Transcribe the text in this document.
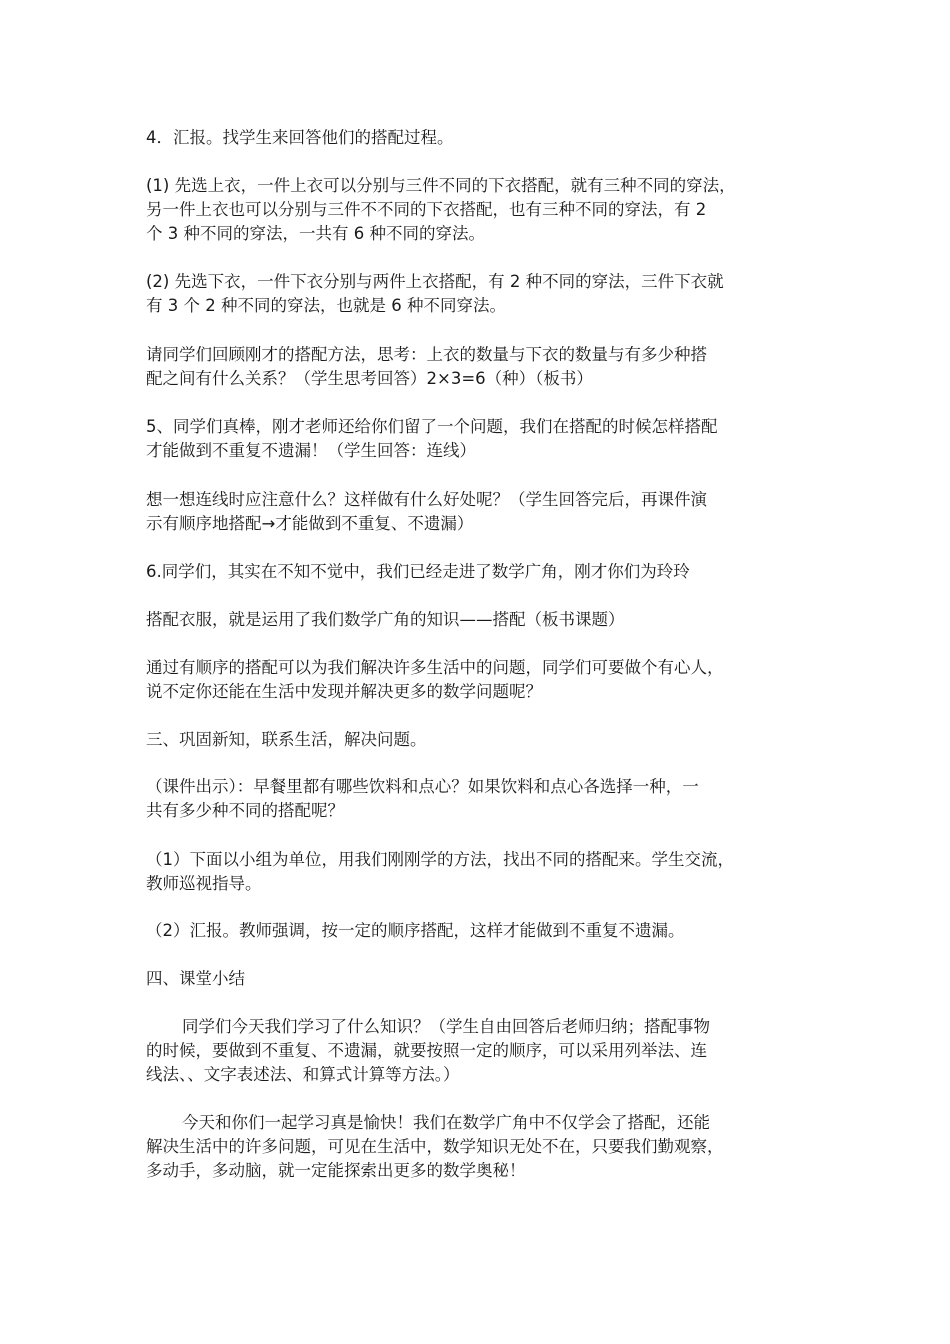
4．汇报。找学生来回答他们的搭配过程。

(1) 先选上衣，一件上衣可以分别与三件不同的下衣搭配，就有三种不同的穿法，
另一件上衣也可以分别与三件不不同的下衣搭配，也有三种不同的穿法，有 2
个 3 种不同的穿法，一共有 6 种不同的穿法。

(2) 先选下衣，一件下衣分别与两件上衣搭配，有 2 种不同的穿法，三件下衣就
有 3 个 2 种不同的穿法，也就是 6 种不同穿法。

请同学们回顾刚才的搭配方法，思考：上衣的数量与下衣的数量与有多少种搭
配之间有什么关系？（学生思考回答）2×3=6（种）（板书）

5、同学们真棒，刚才老师还给你们留了一个问题，我们在搭配的时候怎样搭配
才能做到不重复不遗漏！（学生回答：连线）

想一想连线时应注意什么？这样做有什么好处呢？（学生回答完后，再课件演
示有顺序地搭配→才能做到不重复、不遗漏）

6.同学们，其实在不知不觉中，我们已经走进了数学广角，刚才你们为玲玲

搭配衣服，就是运用了我们数学广角的知识——搭配（板书课题）

通过有顺序的搭配可以为我们解决许多生活中的问题，同学们可要做个有心人，
说不定你还能在生活中发现并解决更多的数学问题呢？

三、巩固新知，联系生活，解决问题。

（课件出示）：早餐里都有哪些饮料和点心？如果饮料和点心各选择一种，一
共有多少种不同的搭配呢？

（1）下面以小组为单位，用我们刚刚学的方法，找出不同的搭配来。学生交流，
教师巡视指导。

（2）汇报。教师强调，按一定的顺序搭配，这样才能做到不重复不遗漏。

四、课堂小结

同学们今天我们学习了什么知识？（学生自由回答后老师归纳；搭配事物
的时候，要做到不重复、不遗漏，就要按照一定的顺序，可以采用列举法、连
线法、、文字表述法、和算式计算等方法。）

今天和你们一起学习真是愉快！我们在数学广角中不仅学会了搭配，还能
解决生活中的许多问题，可见在生活中，数学知识无处不在，只要我们勤观察，
多动手，多动脑，就一定能探索出更多的数学奥秘！
